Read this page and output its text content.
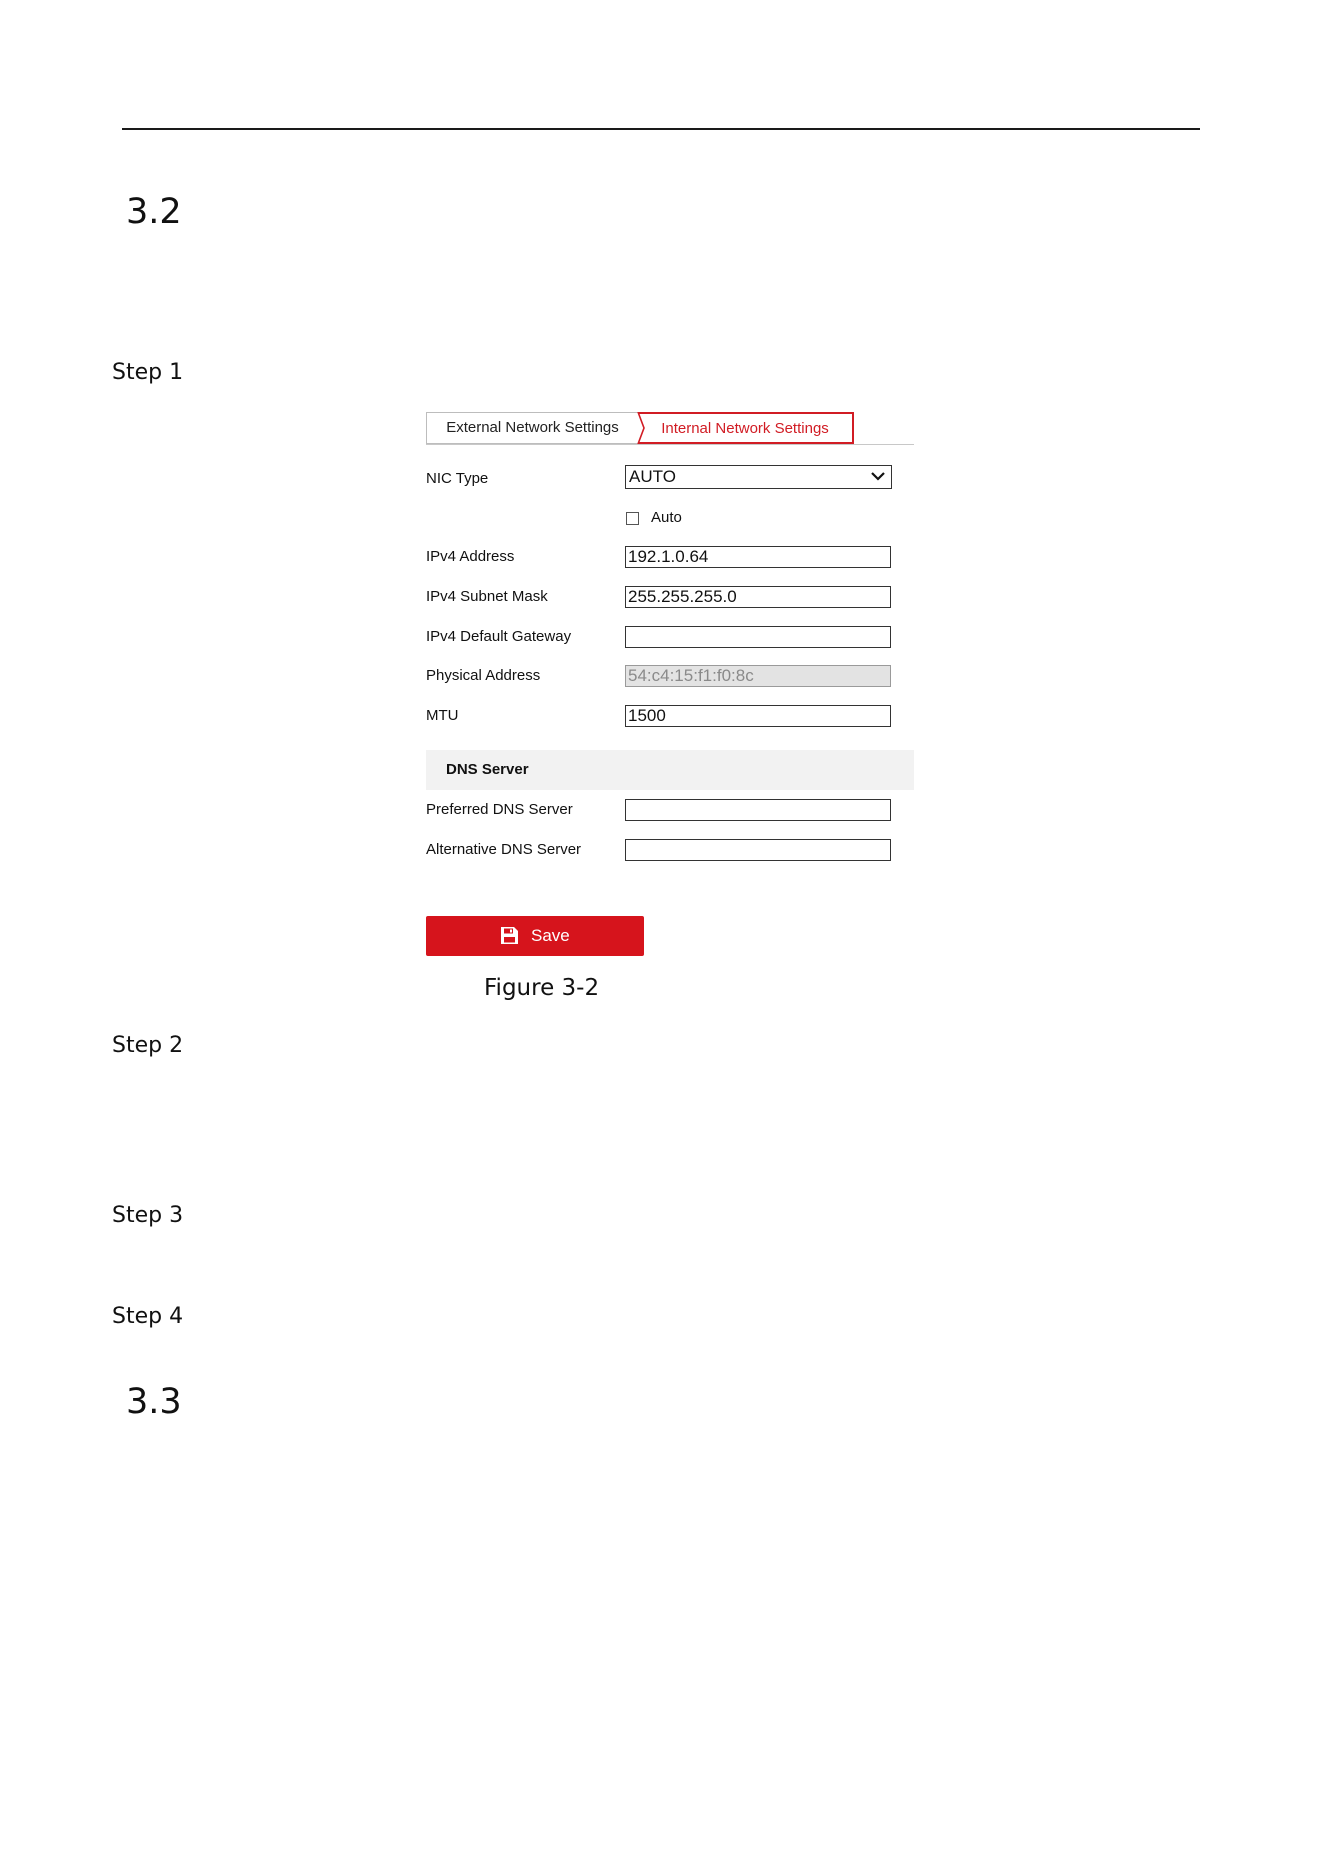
3.2
Step 1
External Network Settings	Internal Network Settings
NIC Type	AUTO
Auto
IPv4 Address
192.1.0.64
IPv4 Subnet Mask
255.255.255.0
IPv4 Default Gateway
Physical Address
54:c4:15:f1:f0:8c
MTU
1500
DNS Server
Preferred DNS Server
Alternative DNS Server
Save
Figure 3-2
Step 2
Step 3
Step 4
3.3
